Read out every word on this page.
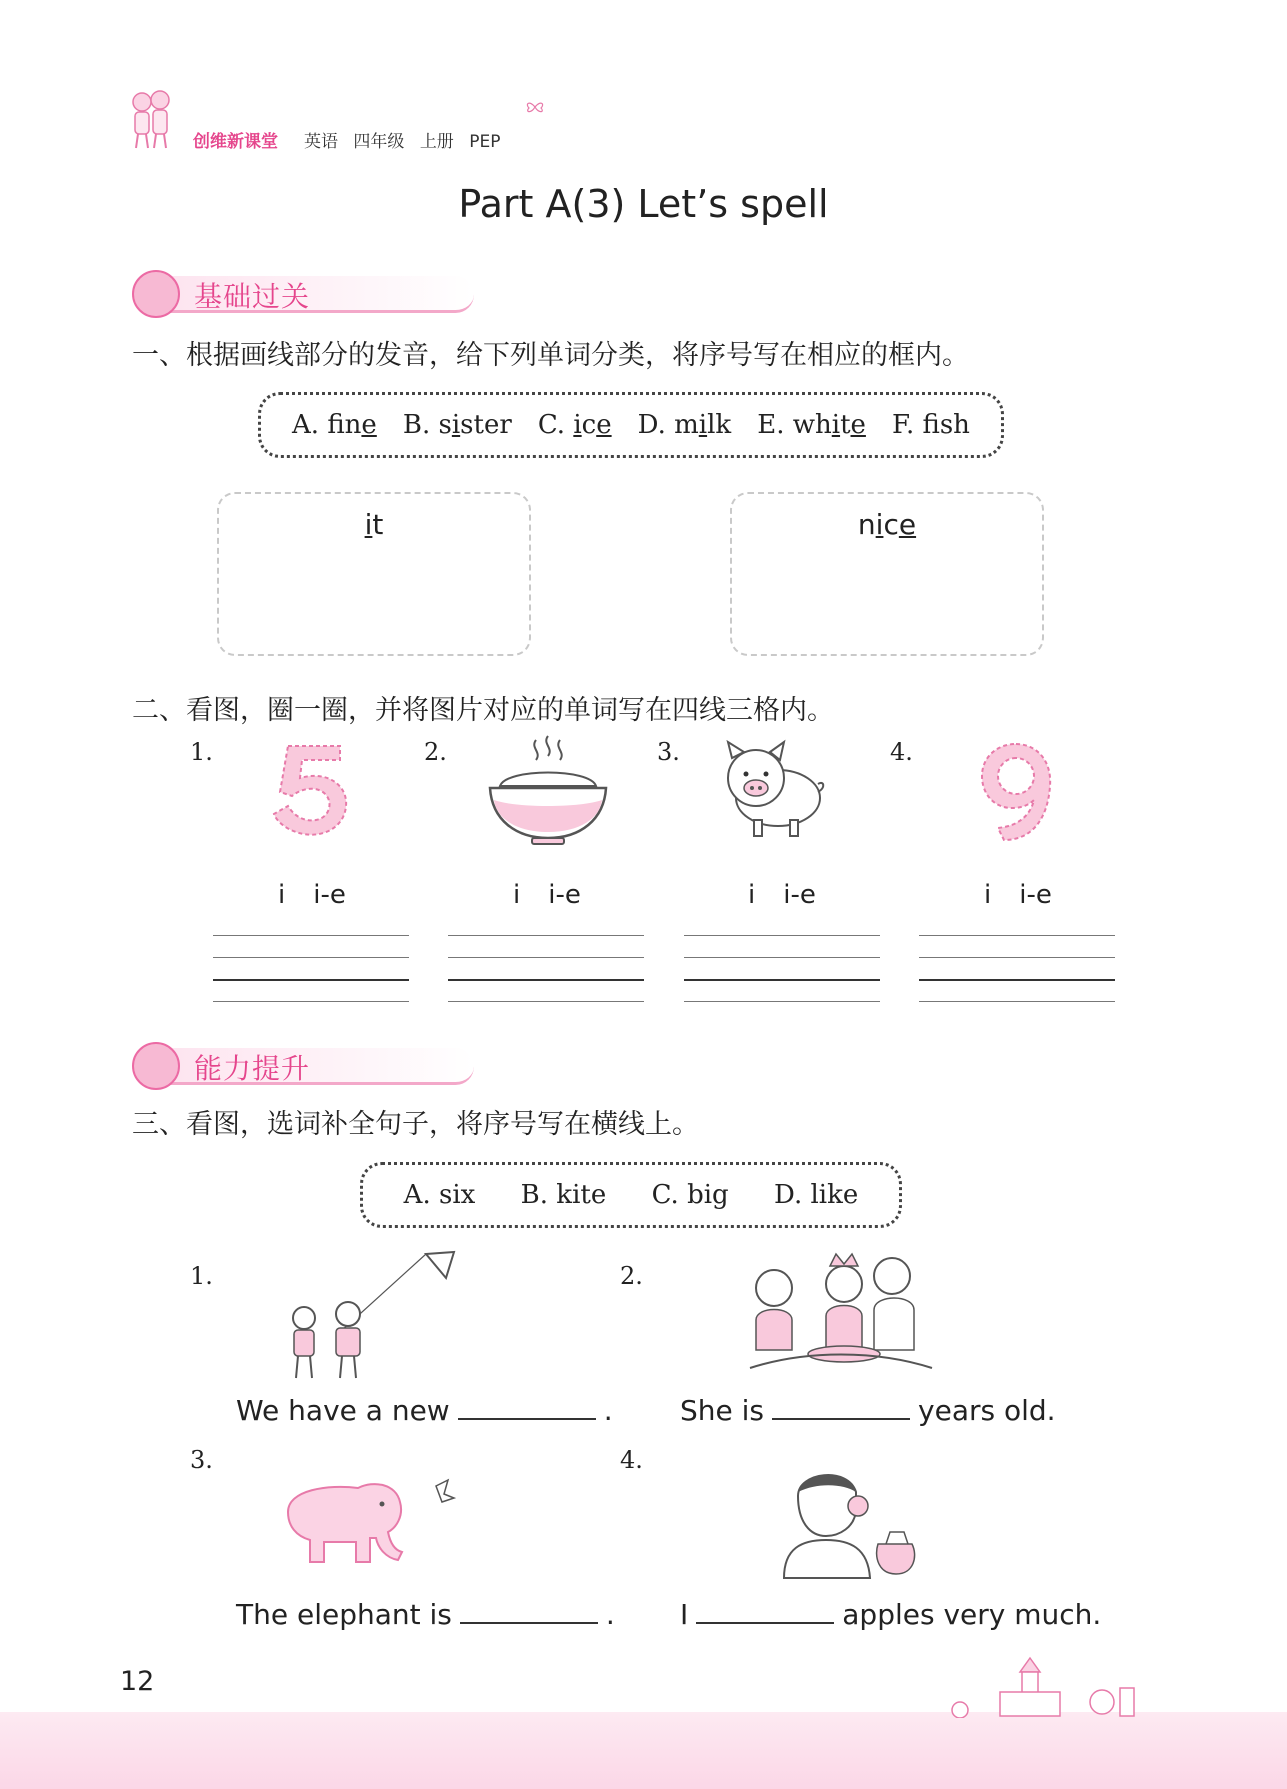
创维新课堂 英语 四年级 上册 PEP
Part A(3) Let’s spell
基础过关
一、根据画线部分的发音，给下列单词分类，将序号写在相应的框内。
A. fne B. sister C. ice D. milk E. white F. fsh
it	nice
二、看图，圈一圈，并将图片对应的单词写在四线三格内。
1.	2.	3.	4.
i i-e	i i-e	i i-e	i i-e
能力提升
三、看图，选词补全句子，将序号写在横线上。
A. six B. kite C. big D. like
1.	2.
3.	4.
We have a new	. She is	years old.
The elephant is	. I	apples very much.
12
